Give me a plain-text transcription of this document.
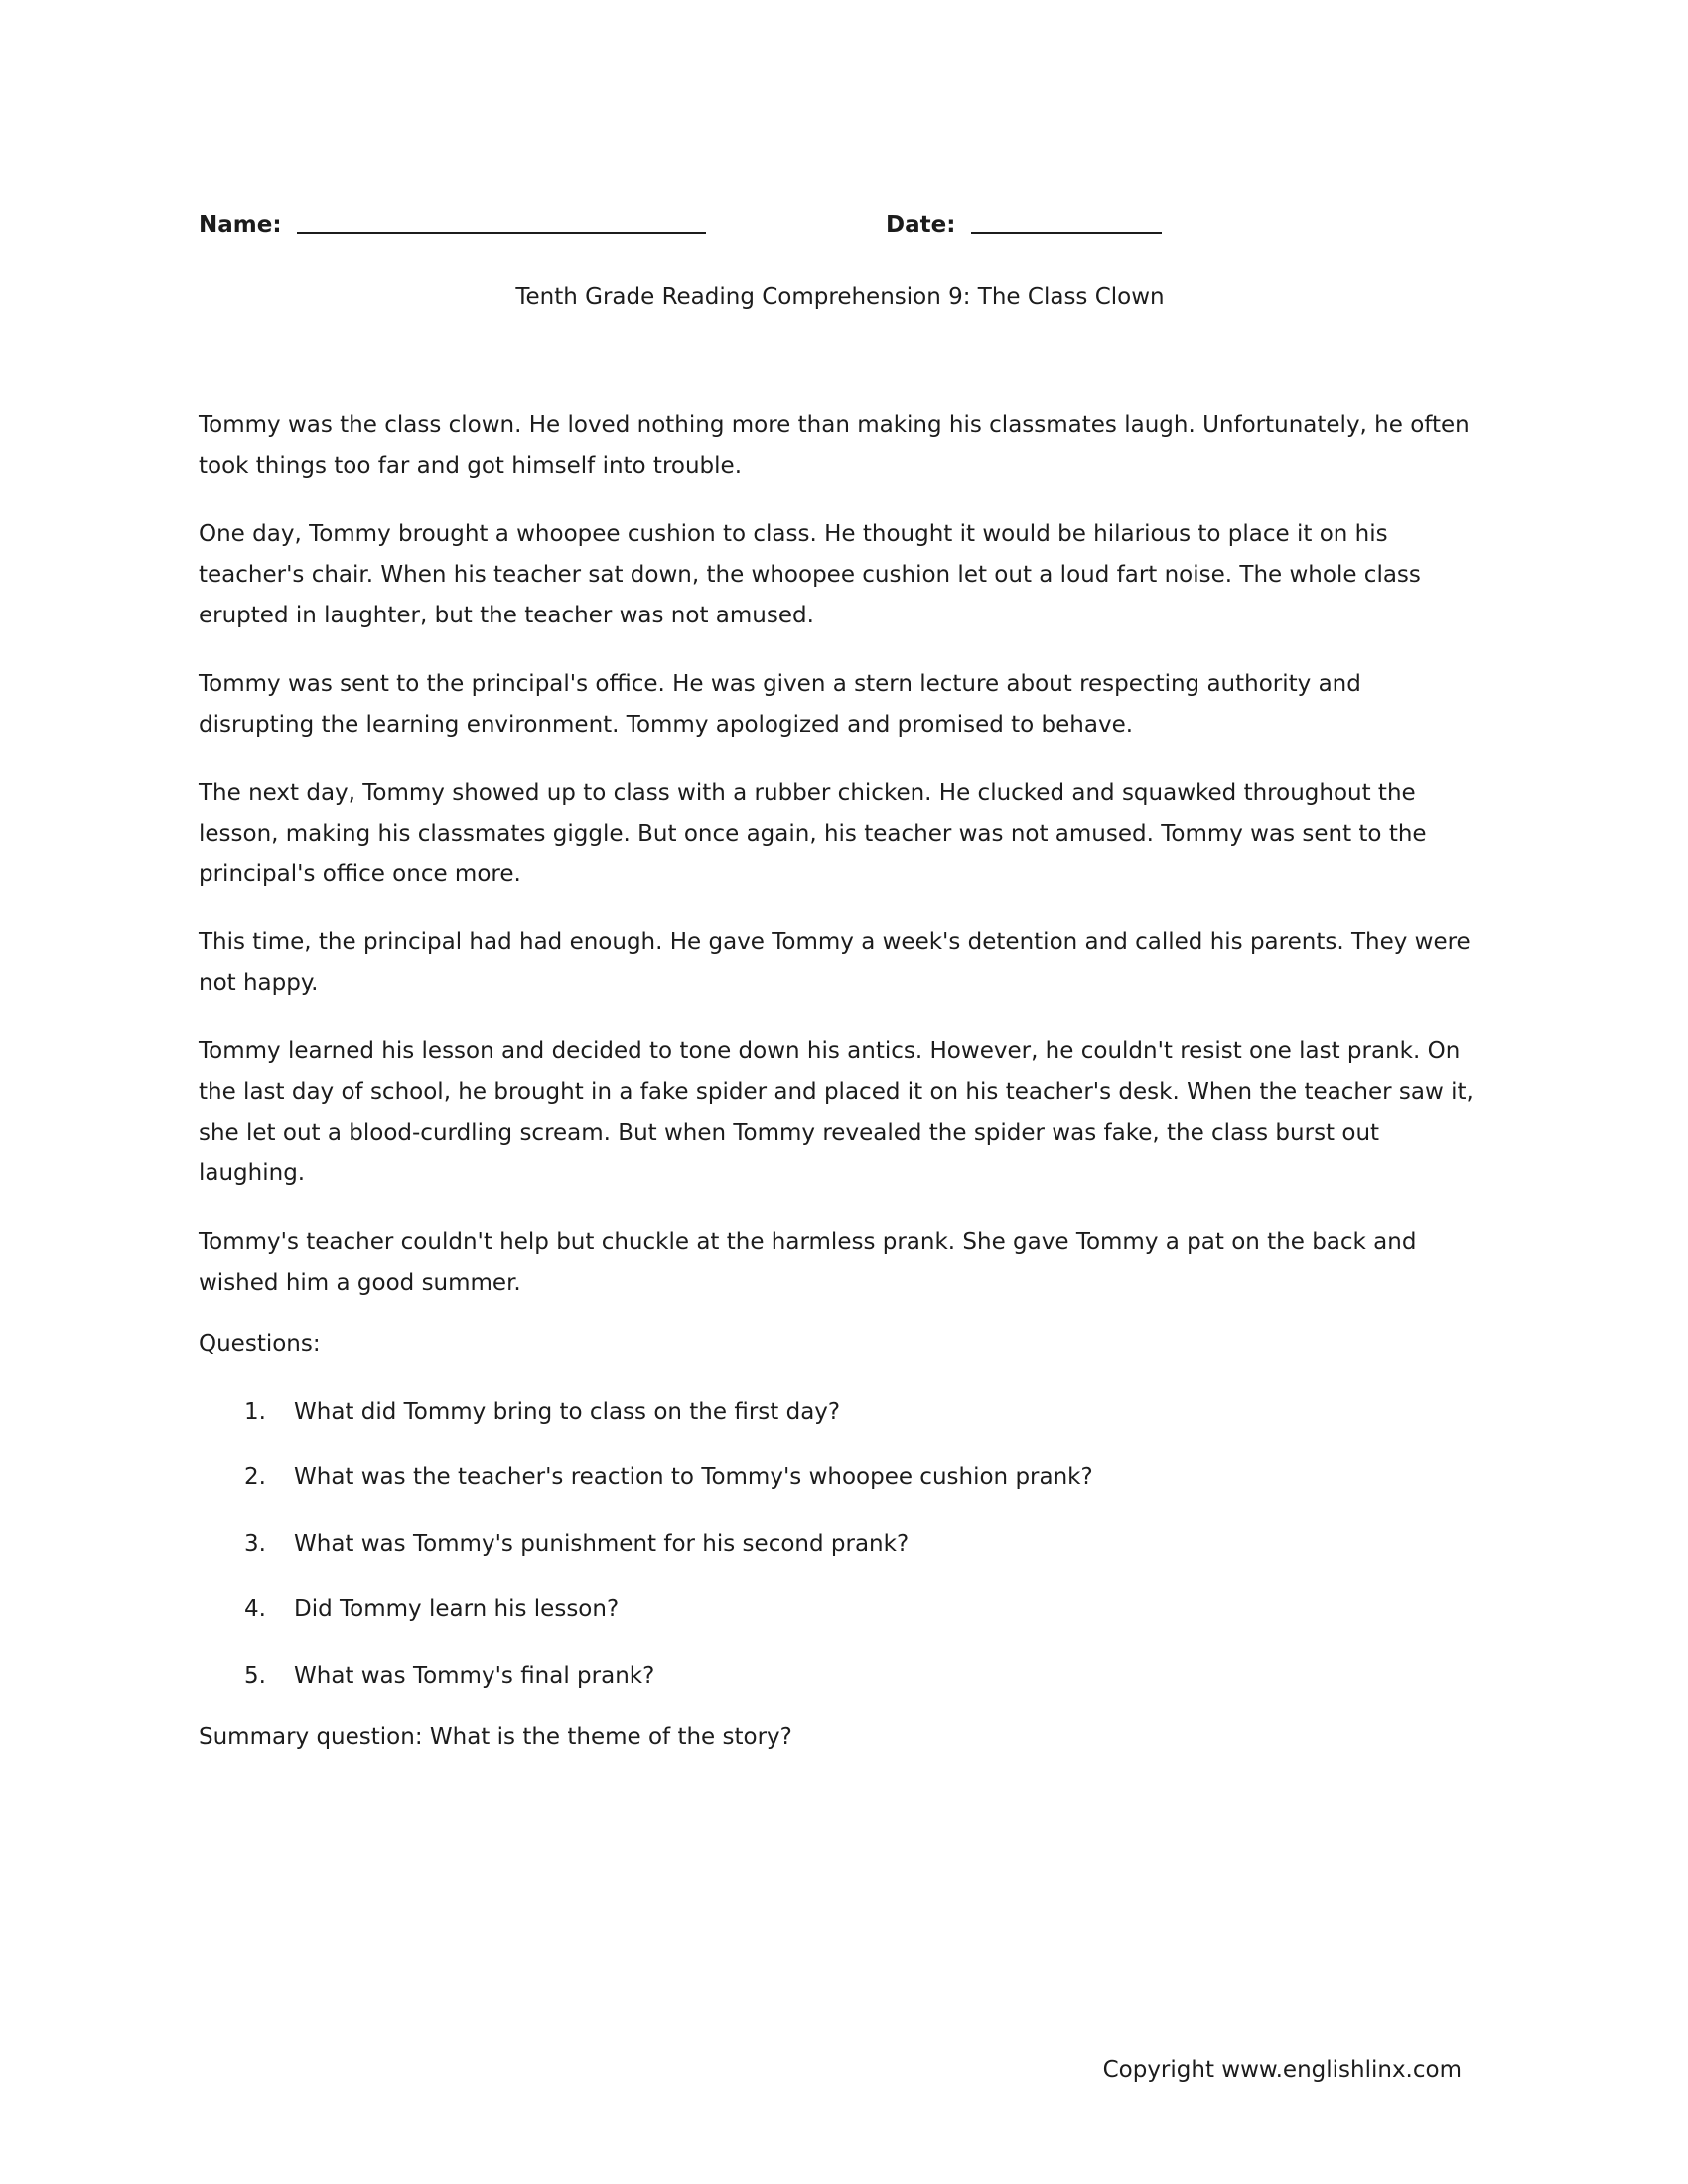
Name:	Date:
Tenth Grade Reading Comprehension 9: The Class Clown

Tommy was the class clown. He loved nothing more than making his classmates laugh. Unfortunately, he often took things too far and got himself into trouble.

One day, Tommy brought a whoopee cushion to class. He thought it would be hilarious to place it on his teacher's chair. When his teacher sat down, the whoopee cushion let out a loud fart noise. The whole class erupted in laughter, but the teacher was not amused.

Tommy was sent to the principal's office. He was given a stern lecture about respecting authority and disrupting the learning environment. Tommy apologized and promised to behave.

The next day, Tommy showed up to class with a rubber chicken. He clucked and squawked throughout the lesson, making his classmates giggle. But once again, his teacher was not amused. Tommy was sent to the principal's office once more.

This time, the principal had had enough. He gave Tommy a week's detention and called his parents. They were not happy.

Tommy learned his lesson and decided to tone down his antics. However, he couldn't resist one last prank. On the last day of school, he brought in a fake spider and placed it on his teacher's desk. When the teacher saw it, she let out a blood-curdling scream. But when Tommy revealed the spider was fake, the class burst out laughing.

Tommy's teacher couldn't help but chuckle at the harmless prank. She gave Tommy a pat on the back and wished him a good summer.

Questions:
1.	What did Tommy bring to class on the first day?
2.	What was the teacher's reaction to Tommy's whoopee cushion prank?
3.	What was Tommy's punishment for his second prank?
4.	Did Tommy learn his lesson?
5.	What was Tommy's final prank?
Summary question: What is the theme of the story?
Copyright www.englishlinx.com
